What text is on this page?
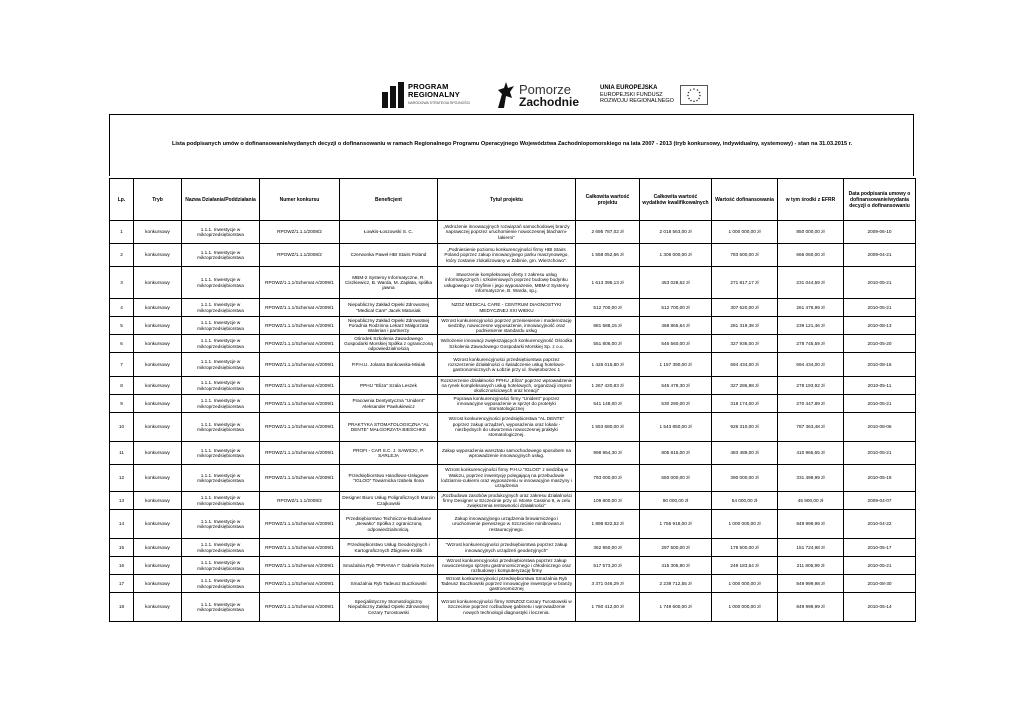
PROGRAM
REGIONALNY
NARODOWA STRATEGIA SPÓJNOŚCI
Pomorze
Zachodnie
UNIA EUROPEJSKA
EUROPEJSKI FUNDUSZ
ROZWOJU REGIONALNEGO
Lista podpisanych umów o dofinansowanie/wydanych decyzji o dofinansowaniu w ramach Regionalnego Programu Operacyjnego Województwa Zachodniopomorskiego na lata 2007 - 2013 (tryb konkursowy, indywidualny, systemowy) - stan na 31.03.2015 r.
Lp.	Tryb	Nazwa Działania/Poddziałania	Numer konkursu	Beneficjent	Tytuł projektu	Całkowita wartość projektu	Całkowita wartość wydatków kwalifikowalnych	Wartość dofinansowania	w tym środki z EFRR	Data podpisania umowy o dofinansowanie/wydania decyzji o dofinansowaniu
1	konkursowy	1.1.1. Inwestycje w mikroprzedsiębiorstwa	RPOWZ/1.1.1/2008/2	Łowkis-Łoszowski S. C.	„Wdrożenie innowacyjnych rozwiązań samochodowej branży naprawczej poprzez uruchomienie nowoczesnej blacharni-lakierni”	2 695 787,02 zł	2 018 563,00 zł	1 000 000,00 zł	850 000,00 zł	2009-06-10
2	konkursowy	1.1.1. Inwestycje w mikroprzedsiębiorstwa	RPOWZ/1.1.1/2008/2	Czerwonka Paweł HBI Stairs Poland	„Podniesienie poziomu konkurencyjności firmy HBI Stairs Poland poprzez zakup innowacyjnego parku maszynowego, który zostanie zlokalizowany w Żabinie, gm. Wierzchowo”.	1 558 052,66 zł	1 306 000,00 zł	783 600,00 zł	666 060,00 zł	2009-04-21
3	konkursowy	1.1.1. Inwestycje w mikroprzedsiębiorstwa	RPOWZ/1.1.1/Schemat A/2009/1	MBM-2 Systemy Informatyczne, R. Ciszkiewicz, B. Warda, M. Zapłata, spółka jawna	Stworzenie kompleksowej oferty z zakresu usług informatycznych i szkoleniowych poprzez budowę budynku usługowego w Gryfinie i jego wyposażenie, MBM-2 Systemy informatyczne, B. Warda, sp.j.	1 613 395,13 zł	453 028,62 zł	271 817,17 zł	231 044,59 zł	2010-05-21
4	konkursowy	1.1.1. Inwestycje w mikroprzedsiębiorstwa	RPOWZ/1.1.1/Schemat A/2009/1	Niepubliczny Zakład Opieki Zdrowotnej "Medical Care" Jacek Matusiak	NZOZ MEDICAL CARE - CENTRUM DIAGNOSTYKI MEDYCZNEJ XXI WIEKU	512 700,00 zł	512 700,00 zł	307 620,00 zł	261 476,99 zł	2010-05-21
5	konkursowy	1.1.1. Inwestycje w mikroprzedsiębiorstwa	RPOWZ/1.1.1/Schemat A/2009/1	Niepubliczny Zakład Opieki Zdrowotnej Poradnia Rodzinna Lekarz Małgorzata Walerian i partnerzy	Wzrost konkurencyjności poprzez przeniesienie i modernizację siedziby, nowoczesne wyposażenie, innowacyjność oraz podniesienie standardu usług	881 588,15 zł	468 865,64 zł	281 319,38 zł	239 121,46 zł	2010-08-13
6	konkursowy	1.1.1. Inwestycje w mikroprzedsiębiorstwa	RPOWZ/1.1.1/Schemat A/2009/1	Ośrodek Szkolenia Zawodowego Gospodarki Morskiej Spółka z ograniczoną odpowiedzialnością	Wdrożenie innowacji zwiększających konkurencyjność Ośrodka Szkolenia Zawodowego Gospodarki Morskiej Sp. z o.o.	551 806,00 zł	546 560,00 zł	327 936,00 zł	278 745,59 zł	2010-05-20
7	konkursowy	1.1.1. Inwestycje w mikroprzedsiębiorstwa	RPOWZ/1.1.1/Schemat A/2009/1	P.P.H.U. Jolanta Bonkowska-Misiak	Wzrost konkurencyjności przedsiębiorstwa poprzez rozszerzenie działalności o świadczenie usług hotelowo-gastronomicznych w Łobzie przy ul. Świętoborzec 1	1 426 015,80 zł	1 157 390,00 zł	694 434,00 zł	694 434,00 zł	2010-08-16
8	konkursowy	1.1.1. Inwestycje w mikroprzedsiębiorstwa	RPOWZ/1.1.1/Schemat A/2009/1	PPHU "Eliza" Szala Leszek	Rozszerzenie działalności PPHU „Eliza” poprzez wprowadzenie na rynek kompleksowych usług hotelowych, organizacji imprez okolicznościowych oraz kreacji”	1 267 420,83 zł	545 478,30 zł	327 286,98 zł	278 193,92 zł	2010-05-11
9	konkursowy	1.1.1. Inwestycje w mikroprzedsiębiorstwa	RPOWZ/1.1.1/Schemat A/2009/1	Pracownia Dentystyczna "Unident" Aleksander Pawlukiewicz	Poprawa konkurencyjności firmy "Unident" poprzez innowacyjne wyposażenie w sprzęt do protetyki stomatologicznej	541 148,00 zł	530 290,00 zł	318 174,00 zł	270 447,89 zł	2010-05-21
10	konkursowy	1.1.1. Inwestycje w mikroprzedsiębiorstwa	RPOWZ/1.1.1/Schemat A/2009/1	PRAKTYKA STOMATOLOGICZNA "AL DENTE" MAŁGORZATA BIEŚCHKE	Wzrost konkurencyjności przedsiębiorstwa "AL DENTE" poprzez zakup urządzeń, wyposażenia oraz lokalu - niezbędnych do utworzenia nowoczesnej praktyki stomatologicznej.	1 553 680,00 zł	1 543 850,00 zł	926 310,00 zł	787 363,48 zł	2010-08-06
11	konkursowy	1.1.1. Inwestycje w mikroprzedsiębiorstwa	RPOWZ/1.1.1/Schemat A/2009/1	PROFI - CAR S.C. J. SAWICKI, P. SARLEJA	Zakup wyposażenia warsztatu samochodowego sposobem na wprowadzenie innowacyjnych usług.	998 954,30 zł	805 815,00 zł	483 489,00 zł	410 965,65 zł	2010-05-21
12	konkursowy	1.1.1. Inwestycje w mikroprzedsiębiorstwa	RPOWZ/1.1.1/Schemat A/2009/1	Przedsiębiorstwo Handlowo-Usługowe "IGLOO" Towarnicka Izabela Ilona	Wzrost konkurencyjności firmy P.H.U."IGLOO" z siedzibą w Wałczu, poprzez inwestycję polegającą na przebudowie lodziarnio-cukierni oraz wyposażeniu w innowacyjne maszyny i urządzenia	793 000,00 zł	650 000,00 zł	390 000,00 zł	331 499,99 zł	2010-05-19
13	konkursowy	1.1.1. Inwestycje w mikroprzedsiębiorstwa	RPOWZ/1.1.1/2008/2	Designer Biuro Usług Poligraficznych Marcin Czajkowski	„Rozbudowa zasobów produkcyjnych oraz zakresu działalności firmy Designer w Szczecinie przy ul. Monte Cassino 9, w celu zwiększenia rentowności działalności”	109 800,00 zł	90 000,00 zł	54 000,00 zł	45 900,00 zł	2009-04-07
14	konkursowy	1.1.1. Inwestycje w mikroprzedsiębiorstwa	RPOWZ/1.1.1/Schemat A/2009/1	Przedsiębiorstwo Techniczno-Budowlane „Bewako” Spółka z ograniczoną odpowiedzialnością.	Zakup innowacyjnego urządzenia browarniczego i uruchomienie pierwszego w Szczecinie minibrowaru restauracyjnego.	1 898 822,52 zł	1 755 918,00 zł	1 000 000,00 zł	849 999,99 zł	2010-04-22
15	konkursowy	1.1.1. Inwestycje w mikroprzedsiębiorstwa	RPOWZ/1.1.1/Schemat A/2009/1	Przedsiębiorstwo Usług Geodezyjnych i Kartograficznych Zbigniew Królik	"Wzrost konkurencyjności przedsiębiorstwa poprzez zakup innowacyjnych urządzeń geodezyjnych"	362 950,00 zł	297 500,00 zł	178 500,00 zł	151 724,98 zł	2010-05-17
16	konkursowy	1.1.1. Inwestycje w mikroprzedsiębiorstwa	RPOWZ/1.1.1/Schemat A/2009/1	Smażalnia Ryb "PIRANIA I" Gabriela Rożen	Wzrost konkurencyjności przedsiębiorstwa poprzez zakup nowoczesnego sprzętu gastronomicznego i chłodniczego oraz rozbudowę i komputeryzację firmy	517 573,20 zł	415 305,90 zł	249 183,54 zł	211 805,99 zł	2010-05-21
17	konkursowy	1.1.1. Inwestycje w mikroprzedsiębiorstwa	RPOWZ/1.1.1/Schemat A/2009/1	Smażalnia Ryb Tadeusz Buczkowski	Wzrost konkurencyjności przedsiębiorstwa Smażalnia Ryb Tadeusz Buczkowski poprzez innowacyjne inwestycje w branży gastronomicznej	3 371 046,29 zł	2 239 712,55 zł	1 000 000,00 zł	849 999,98 zł	2010-08-30
18	konkursowy	1.1.1. Inwestycje w mikroprzedsiębiorstwa	RPOWZ/1.1.1/Schemat A/2009/1	Specjalistyczny Stomatologiczny Niepubliczny Zakład Opieki Zdrowotnej Cezary Turostowski	Wzrost konkurencyjności firmy SSNZOZ Cezary Turostowski w Szczecinie poprzez rozbudowę gabinetu i wprowadzenie nowych technologii diagnostyki i leczenia.	1 760 412,00 zł	1 749 600,00 zł	1 000 000,00 zł	849 999,99 zł	2010-05-14
